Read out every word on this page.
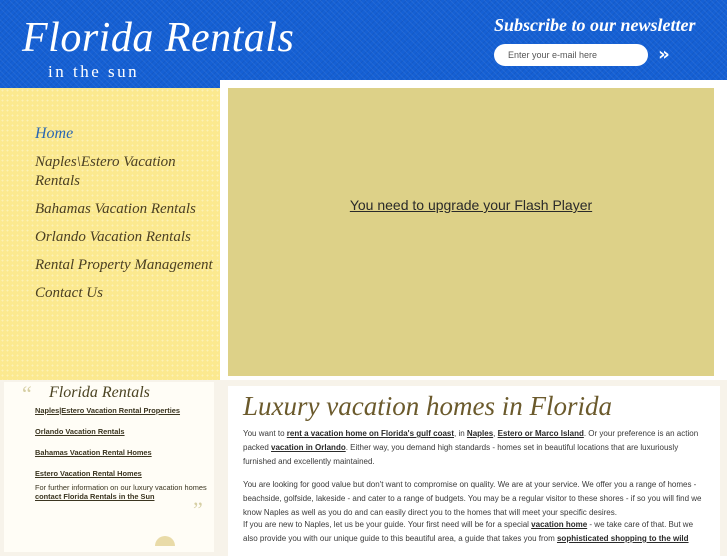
Florida Rentals
in the sun
Subscribe to our newsletter
Enter your e-mail here
»
Home
Naples\Estero Vacation Rentals
Bahamas Vacation Rentals
Orlando Vacation Rentals
Rental Property Management
Contact Us
You need to upgrade your Flash Player
“ Florida Rentals
Naples|Estero Vacation Rental Properties
Orlando Vacation Rentals
Bahamas Vacation Rental Homes
Estero Vacation Rental Homes
For further information on our luxury vacation homes
contact Florida Rentals in the Sun
”
Luxury vacation homes in Florida
You want to rent a vacation home on Florida's gulf coast, in Naples, Estero or Marco Island. Or your preference is an action packed vacation in Orlando. Either way, you demand high standards - homes set in beautiful locations that are luxuriously furnished and excellently maintained.
You are looking for good value but don't want to compromise on quality. We are at your service. We offer you a range of homes - beachside, golfside, lakeside - and cater to a range of budgets. You may be a regular visitor to these shores - if so you will find we know Naples as well as you do and can easily direct you to the homes that will meet your specific desires.
If you are new to Naples, let us be your guide. Your first need will be for a special vacation home - we take care of that. But we also provide you with our unique guide to this beautiful area, a guide that takes you from sophisticated shopping to the wild
